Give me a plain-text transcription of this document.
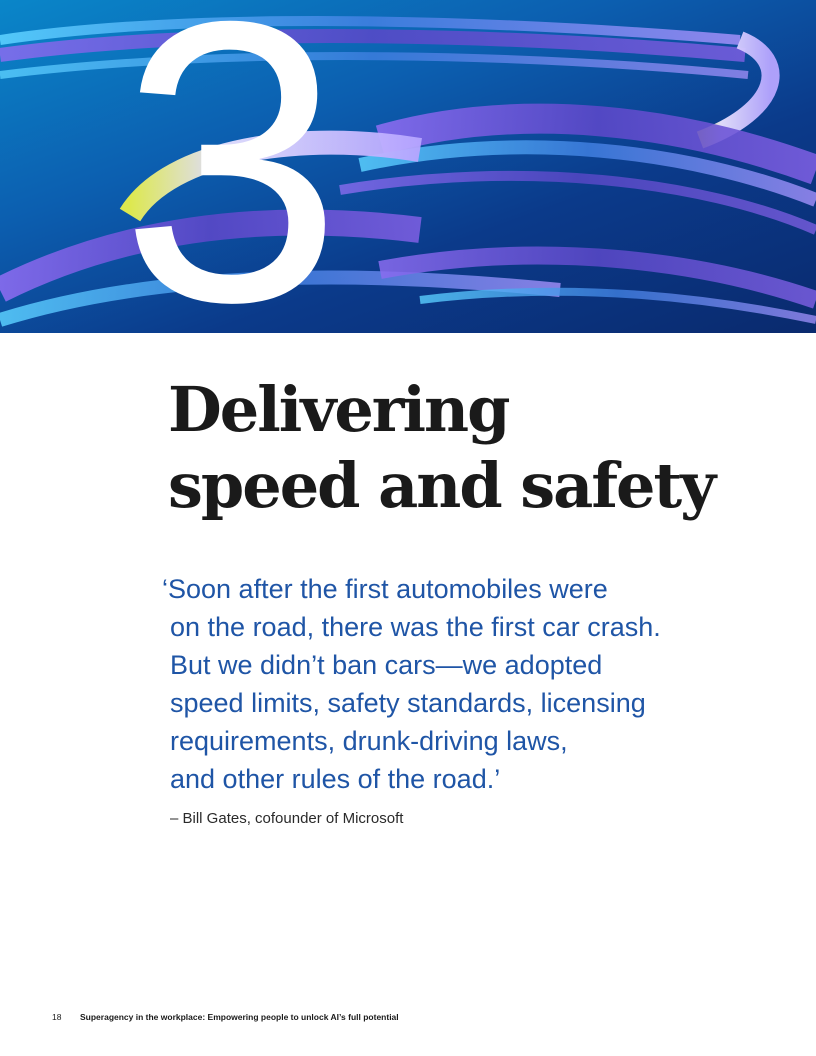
3
Delivering
speed and safety
‘Soon after the first automobiles were
on the road, there was the first car crash.
But we didn’t ban cars—we adopted
speed limits, safety standards, licensing
requirements, drunk-driving laws,
and other rules of the road.’

– Bill Gates, cofounder of Microsoft

18 Superagency in the workplace: Empowering people to unlock AI’s full potential
